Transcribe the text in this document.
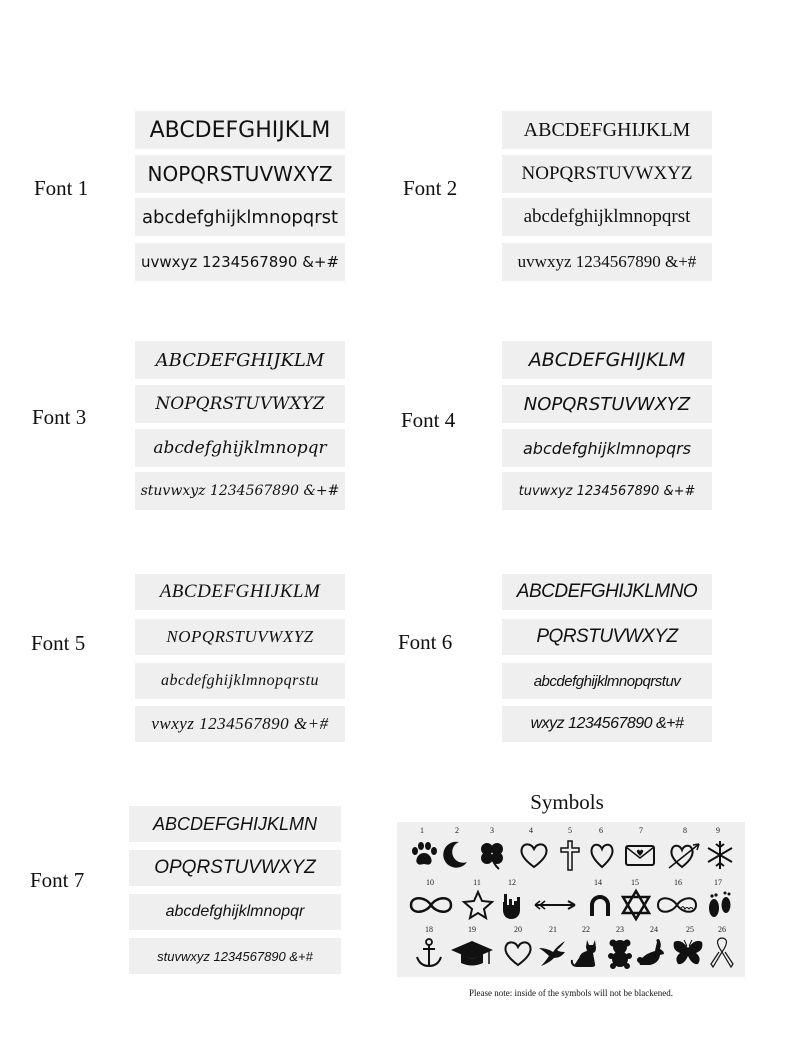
Font 1	Font 2
Font 3	Font 4
Font 5	Font 6
Font 7
ABCDEFGHIJKLM
NOPQRSTUVWXYZ
abcdefghijklmnopqrst
uvwxyz 1234567890 &+#
ABCDEFGHIJKLM
NOPQRSTUVWXYZ
abcdefghijklmnopqrst
uvwxyz 1234567890 &+#
ABCDEFGHIJKLM
NOPQRSTUVWXYZ
abcdefghijklmnopqr
stuvwxyz 1234567890 &+#
ABCDEFGHIJKLM
NOPQRSTUVWXYZ
abcdefghijklmnopqrs
tuvwxyz 1234567890 &+#
ABCDEFGHIJKLM
NOPQRSTUVWXYZ
abcdefghijklmnopqrstu
vwxyz 1234567890 &+#
ABCDEFGHIJKLMNO
PQRSTUVWXYZ
abcdefghijklmnopqrstuv
wxyz 1234567890 &+#
ABCDEFGHIJKLMN
OPQRSTUVWXYZ
abcdefghijklmnopqr
stuvwxyz 1234567890 &+#
Symbols
1	2	3	4	5	6	7	8	9
10	11	12	14	15	16	17
18	19	20	21	22	23	24	25	26
Please note: inside of the symbols will not be blackened.
